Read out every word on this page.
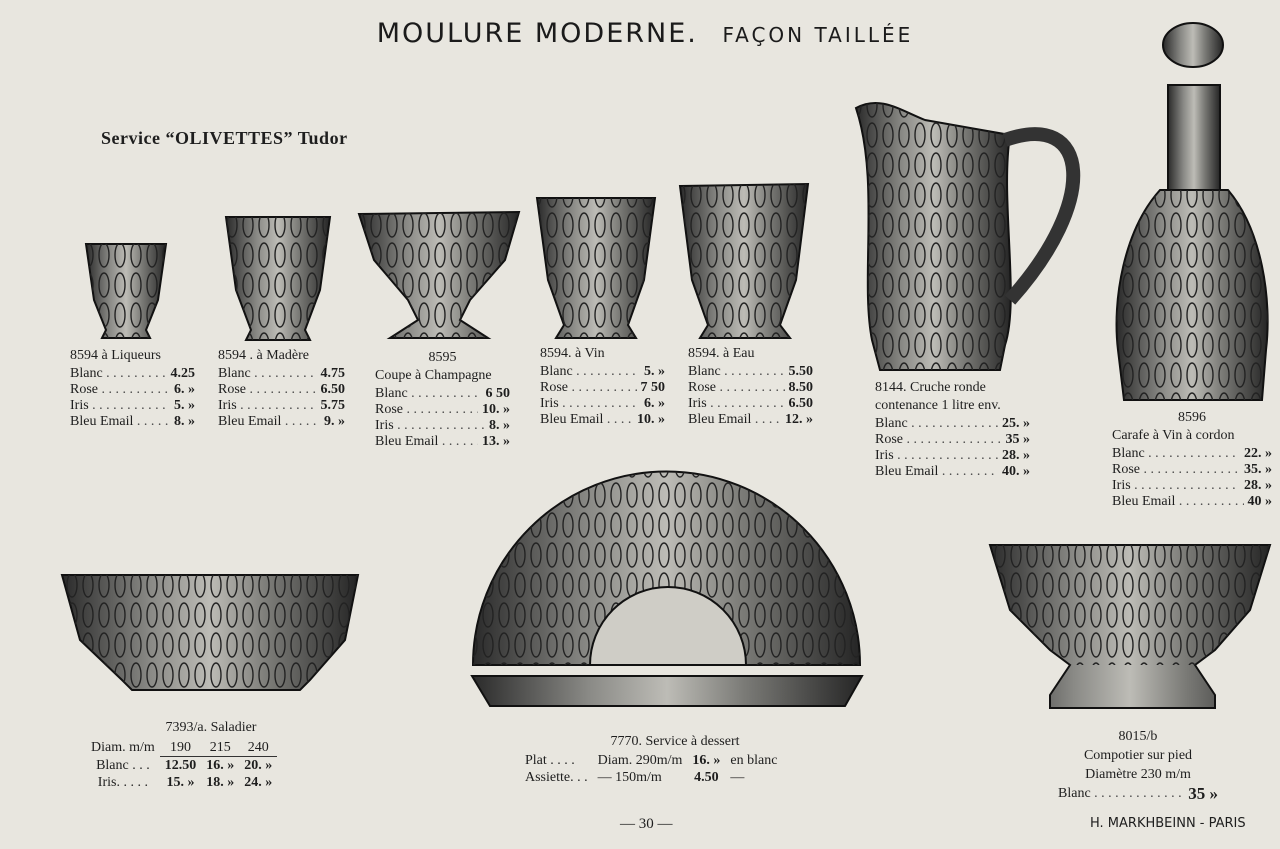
MOULURE MODERNE. FAÇON TAILLÉE
Service “OLIVETTES” Tudor
8594 à Liqueurs
Blanc . . .	4.25
Rose . . .	6. »
Iris . . .	5. »
Bleu Email . . .	8. »
8594 . à Madère
Blanc . . .	4.75
Rose . . .	6.50
Iris . . .	5.75
Bleu Email . . .	9. »
8595
Coupe à Champagne
Blanc . . .	6 50
Rose . . .	10. »
Iris . . .	8. »
Bleu Email . . .	13. »
8594. à Vin
Blanc . . .	5. »
Rose . . .	7 50
Iris . . .	6. »
Bleu Email . . .	10. »
8594. à Eau
Blanc . . .	5.50
Rose . . .	8.50
Iris . . .	6.50
Bleu Email . . .	12. »
8144. Cruche ronde
contenance 1 litre env.
Blanc . . .	25. »
Rose . . .	35 »
Iris . . .	28. »
Bleu Email . . .	40. »
8596
Carafe à Vin à cordon
Blanc . . .	22. »
Rose . . .	35. »
Iris . . .	28. »
Bleu Email . . .	40 »
7393/a. Saladier
Diam. m/m	190	215	240
Blanc . . .	12.50	16. »	20. »
Iris. . . . .	15. »	18. »	24. »
7770. Service à dessert
Plat . . . .	Diam. 290m/m	16. »	en blanc
Assiette. . .	— 150m/m	4.50	—
8015/b
Compotier sur pied
Diamètre 230 m/m
Blanc . . .	35 »
— 30 —	H. MARKHBEINN - PARIS
